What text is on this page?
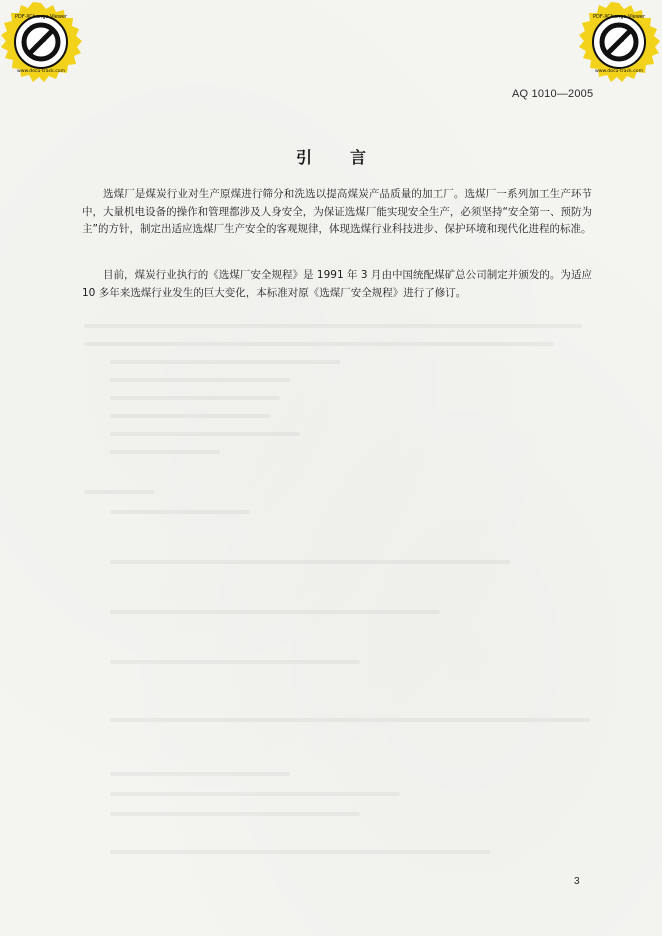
PDF-XChange Viewer
Click to buy NOW!
www.docu-track.com
PDF-XChange Viewer
Click to buy NOW!
www.docu-track.com
AQ 1010—2005
引言
选煤厂是煤炭行业对生产原煤进行筛分和洗选以提高煤炭产品质量的加工厂。选煤厂一系列加工生产环节中，大量机电设备的操作和管理都涉及人身安全，为保证选煤厂能实现安全生产，必须坚持“安全第一、预防为主”的方针，制定出适应选煤厂生产安全的客观规律，体现选煤行业科技进步、保护环境和现代化进程的标准。
目前，煤炭行业执行的《选煤厂安全规程》是 1991 年 3 月由中国统配煤矿总公司制定并颁发的。为适应 10 多年来选煤行业发生的巨大变化，本标准对原《选煤厂安全规程》进行了修订。
3
